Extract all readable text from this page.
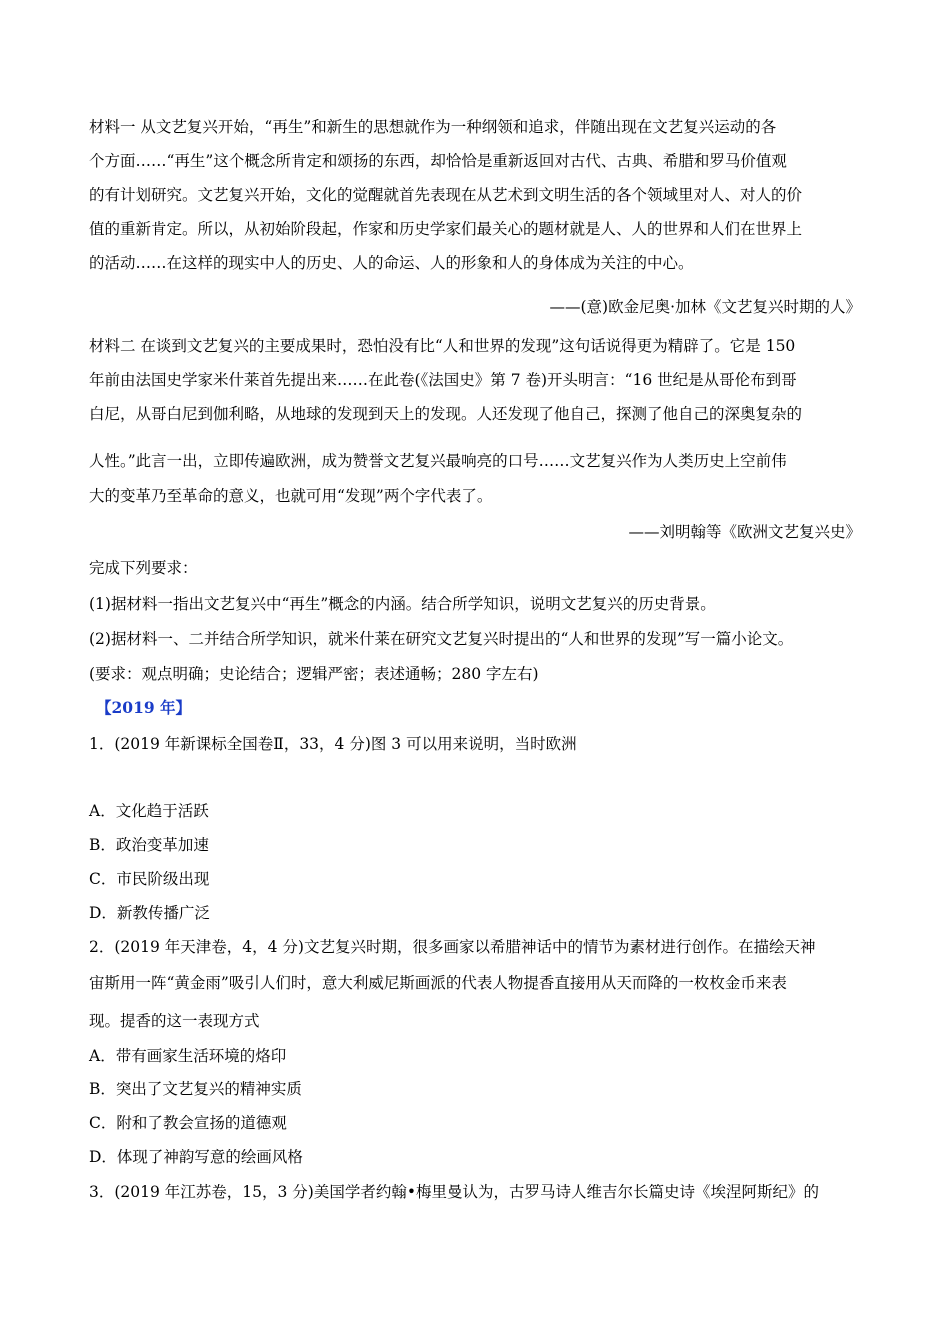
材料一 从文艺复兴开始，“再生”和新生的思想就作为一种纲领和追求，伴随出现在文艺复兴运动的各
个方面……“再生”这个概念所肯定和颂扬的东西，却恰恰是重新返回对古代、古典、希腊和罗马价值观
的有计划研究。文艺复兴开始，文化的觉醒就首先表现在从艺术到文明生活的各个领域里对人、对人的价
值的重新肯定。所以，从初始阶段起，作家和历史学家们最关心的题材就是人、人的世界和人们在世界上
的活动……在这样的现实中人的历史、人的命运、人的形象和人的身体成为关注的中心。
——(意)欧金尼奥·加林《文艺复兴时期的人》
材料二 在谈到文艺复兴的主要成果时，恐怕没有比“人和世界的发现”这句话说得更为精辟了。它是 150
年前由法国史学家米什莱首先提出来……在此卷(《法国史》第 7 卷)开头明言：“16 世纪是从哥伦布到哥
白尼，从哥白尼到伽利略，从地球的发现到天上的发现。人还发现了他自己，探测了他自己的深奥复杂的
人性。”此言一出，立即传遍欧洲，成为赞誉文艺复兴最响亮的口号……文艺复兴作为人类历史上空前伟
大的变革乃至革命的意义，也就可用“发现”两个字代表了。
——刘明翰等《欧洲文艺复兴史》
完成下列要求：
(1)据材料一指出文艺复兴中“再生”概念的内涵。结合所学知识，说明文艺复兴的历史背景。
(2)据材料一、二并结合所学知识，就米什莱在研究文艺复兴时提出的“人和世界的发现”写一篇小论文。
(要求：观点明确；史论结合；逻辑严密；表述通畅；280 字左右)
【2019 年】
1．(2019 年新课标全国卷Ⅱ，33，4 分)图 3 可以用来说明，当时欧洲
A．文化趋于活跃
B．政治变革加速
C．市民阶级出现
D．新教传播广泛
2．(2019 年天津卷，4，4 分)文艺复兴时期，很多画家以希腊神话中的情节为素材进行创作。在描绘天神
宙斯用一阵“黄金雨”吸引人们时，意大利威尼斯画派的代表人物提香直接用从天而降的一枚枚金币来表
现。提香的这一表现方式
A．带有画家生活环境的烙印
B．突出了文艺复兴的精神实质
C．附和了教会宣扬的道德观
D．体现了神韵写意的绘画风格
3．(2019 年江苏卷，15，3 分)美国学者约翰•梅里曼认为，古罗马诗人维吉尔长篇史诗《埃涅阿斯纪》的
